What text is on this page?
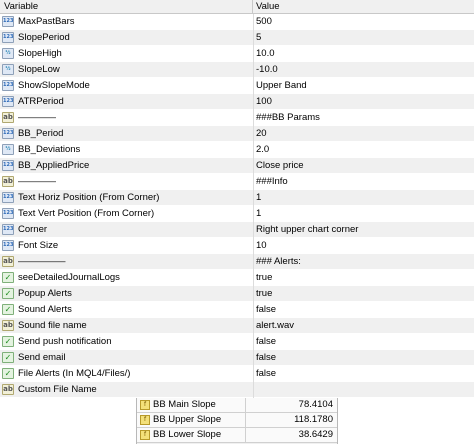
Variable	Value
123 MaxPastBars	500
123 SlopePeriod	5
½ SlopeHigh	10.0
½ SlopeLow	-10.0
123 ShowSlopeMode	Upper Band
123 ATRPeriod	100
ab ————	###BB Params
123 BB_Period	20
½ BB_Deviations	2.0
123 BB_AppliedPrice	Close price
ab ————	###Info
123 Text Horiz Position (From Corner)	1
123 Text Vert Position (From Corner)	1
123 Corner	Right upper chart corner
123 Font Size	10
ab —————	### Alerts:
✓ seeDetailedJournalLogs	true
✓ Popup Alerts	true
✓ Sound Alerts	false
ab Sound file name	alert.wav
✓ Send push notification	false
✓ Send email	false
✓ File Alerts (In MQL4/Files/)	false
ab Custom File Name
f BB Main Slope	78.4104
f BB Upper Slope	118.1780
f BB Lower Slope	38.6429
